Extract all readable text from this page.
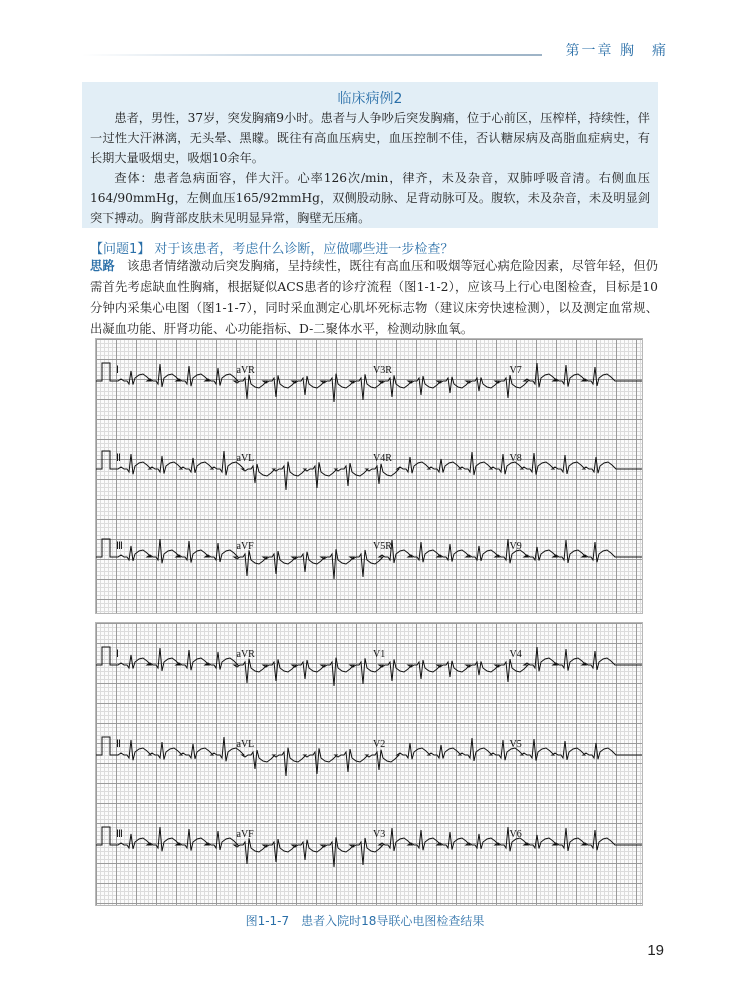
第一章 胸　痛
临床病例2

患者，男性，37岁，突发胸痛9小时。患者与人争吵后突发胸痛，位于心前区，压榨样，持续性，伴一过性大汗淋漓，无头晕、黑矇。既往有高血压病史，血压控制不佳，否认糖尿病及高脂血症病史，有长期大量吸烟史，吸烟10余年。

查体：患者急病面容，伴大汗。心率126次/min，律齐，未及杂音，双肺呼吸音清。右侧血压164/90mmHg，左侧血压165/92mmHg，双侧股动脉、足背动脉可及。腹软，未及杂音，未及明显剑突下搏动。胸背部皮肤未见明显异常，胸壁无压痛。

【问题1】 对于该患者，考虑什么诊断，应做哪些进一步检查？

思路　 该患者情绪激动后突发胸痛，呈持续性，既往有高血压和吸烟等冠心病危险因素，尽管年轻，但仍需首先考虑缺血性胸痛，根据疑似ACS患者的诊疗流程（图1-1-2），应该马上行心电图检查，目标是10分钟内采集心电图（图1-1-7），同时采血测定心肌坏死标志物（建议床旁快速检测），以及测定血常规、出凝血功能、肝肾功能、心功能指标、D-二聚体水平，检测动脉血氧。

Ⅰ	aVR	V3R	V7
Ⅱ	aVL	V4R	V8
Ⅲ	aVF	V5R	V9
Ⅰ	aVR	V1	V4
Ⅱ	aVL	V2	V5
Ⅲ	aVF	V3	V6
图1-1-7　患者入院时18导联心电图检查结果
19
